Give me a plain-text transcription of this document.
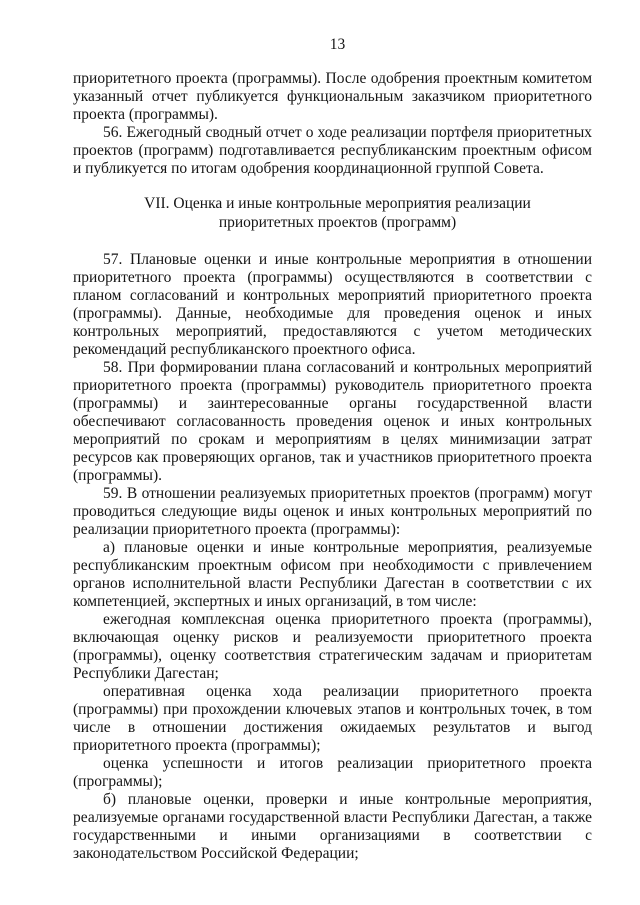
13

приоритетного проекта (программы). После одобрения проектным комитетом указанный отчет публикуется функциональным заказчиком приоритетного проекта (программы).

56. Ежегодный сводный отчет о ходе реализации портфеля приоритетных проектов (программ) подготавливается республиканским проектным офисом и публикуется по итогам одобрения координационной группой Совета.

VII. Оценка и иные контрольные мероприятия реализации
приоритетных проектов (программ)

57. Плановые оценки и иные контрольные мероприятия в отношении приоритетного проекта (программы) осуществляются в соответствии с планом согласований и контрольных мероприятий приоритетного проекта (программы). Данные, необходимые для проведения оценок и иных контрольных мероприятий, предоставляются с учетом методических рекомендаций республиканского проектного офиса.

58. При формировании плана согласований и контрольных мероприятий приоритетного проекта (программы) руководитель приоритетного проекта (программы) и заинтересованные органы государственной власти обеспечивают согласованность проведения оценок и иных контрольных мероприятий по срокам и мероприятиям в целях минимизации затрат ресурсов как проверяющих органов, так и участников приоритетного проекта (программы).

59. В отношении реализуемых приоритетных проектов (программ) могут проводиться следующие виды оценок и иных контрольных мероприятий по реализации приоритетного проекта (программы):

а) плановые оценки и иные контрольные мероприятия, реализуемые республиканским проектным офисом при необходимости с привлечением органов исполнительной власти Республики Дагестан в соответствии с их компетенцией, экспертных и иных организаций, в том числе:

ежегодная комплексная оценка приоритетного проекта (программы), включающая оценку рисков и реализуемости приоритетного проекта (программы), оценку соответствия стратегическим задачам и приоритетам Республики Дагестан;

оперативная оценка хода реализации приоритетного проекта (программы) при прохождении ключевых этапов и контрольных точек, в том числе в отношении достижения ожидаемых результатов и выгод приоритетного проекта (программы);

оценка успешности и итогов реализации приоритетного проекта (программы);

б) плановые оценки, проверки и иные контрольные мероприятия, реализуемые органами государственной власти Республики Дагестан, а также государственными и иными организациями в соответствии с законодательством Российской Федерации;
